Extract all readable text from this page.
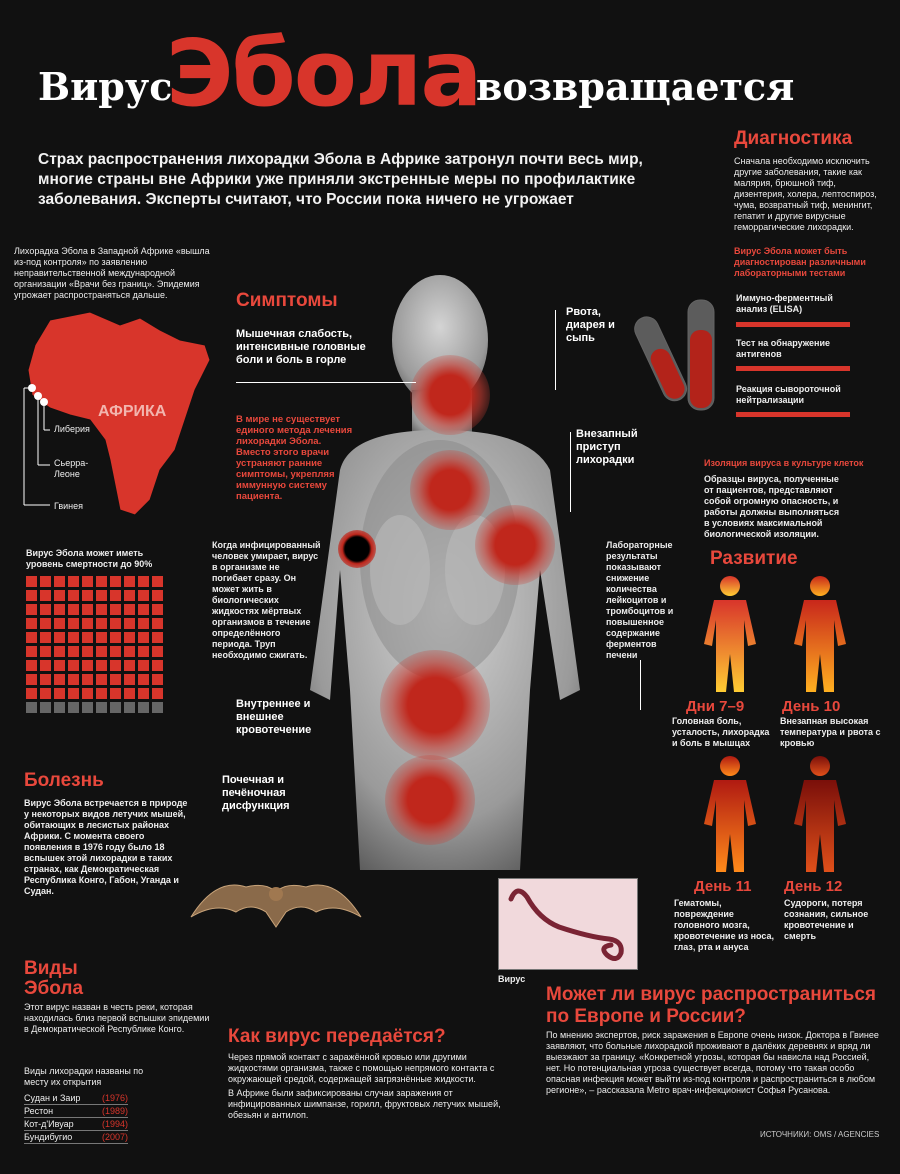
Вирус
Эбола
возвращается
Страх распространения лихорадки Эбола в Африке затронул почти весь мир, многие страны вне Африки уже приняли экстренные меры по профилактике заболевания. Эксперты считают, что России пока ничего не угрожает
Лихорадка Эбола в Западной Африке «вышла из-под контроля» по заявлению неправительственной международной организации «Врачи без границ». Эпидемия угрожает распространяться дальше.
АФРИКА
Либерия
Сьерра-Леоне
Гвинея
Вирус Эбола может иметь уровень смертности до 90%
Болезнь
Вирус Эбола встречается в природе у некоторых видов летучих мышей, обитающих в лесистых районах Африки. С момента своего появления в 1976 году было 18 вспышек этой лихорадки в таких странах, как Демократическая Республика Конго, Габон, Уганда и Судан.
Виды
Эбола
Этот вирус назван в честь реки, которая находилась близ первой вспышки эпидемии в Демократической Республике Конго.
Виды лихорадки названы по месту их открытия
Судан и Заир	(1976)
Рестон	(1989)
Кот-д'Ивуар	(1994)
Бундибугио	(2007)
Симптомы
Мышечная слабость, интенсивные головные боли и боль в горле
В мире не существует единого метода лечения лихорадки Эбола. Вместо этого врачи устраняют ранние симптомы, укрепляя иммунную систему пациента.
Рвота, диарея и сыпь
Внезапный приступ лихорадки
Когда инфицированный человек умирает, вирус в организме не погибает сразу. Он может жить в биологических жидкостях мёртвых организмов в течение определённого периода. Труп необходимо сжигать.
Лабораторные результаты показывают снижение количества лейкоцитов и тромбоцитов и повышенное содержание ферментов печени
Внутреннее и внешнее кровотечение
Почечная и печёночная дисфункция
Диагностика
Сначала необходимо исключить другие заболевания, такие как малярия, брюшной тиф, дизентерия, холера, лептоспироз, чума, возвратный тиф, менингит, гепатит и другие вирусные геморрагические лихорадки.
Вирус Эбола может быть диагностирован различными лабораторными тестами
Иммуно-ферментный анализ (ELISA)
Тест на обнаружение антигенов
Реакция сывороточной нейтрализации
Изоляция вируса в культуре клеток
Образцы вируса, полученные от пациентов, представляют собой огромную опасность, и работы должны выполняться в условиях максимальной биологической изоляции.
Развитие
Дни 7–9
Головная боль, усталость, лихорадка и боль в мышцах
День 10
Внезапная высокая температура и рвота с кровью
День 11
Гематомы, повреждение головного мозга, кровотечение из носа, глаз, рта и ануса
День 12
Судороги, потеря сознания, сильное кровотечение и смерть
Вирус
Как вирус передаётся?
Через прямой контакт с заражённой кровью или другими жидкостями организма, также с помощью непрямого контакта с окружающей средой, содержащей загрязнённые жидкости.
В Африке были зафиксированы случаи заражения от инфицированных шимпанзе, горилл, фруктовых летучих мышей, обезьян и антилоп.
Может ли вирус распространиться по Европе и России?
По мнению экспертов, риск заражения в Европе очень низок. Доктора в Гвинее заявляют, что больные лихорадкой проживают в далёких деревнях и вряд ли выезжают за границу. «Конкретной угрозы, которая бы нависла над Россией, нет. Но потенциальная угроза существует всегда, потому что такая особо опасная инфекция может выйти из-под контроля и распространиться в любом регионе», – рассказала Metro врач-инфекционист Софья Русанова.
ИСТОЧНИКИ: OMS / AGENCIES
